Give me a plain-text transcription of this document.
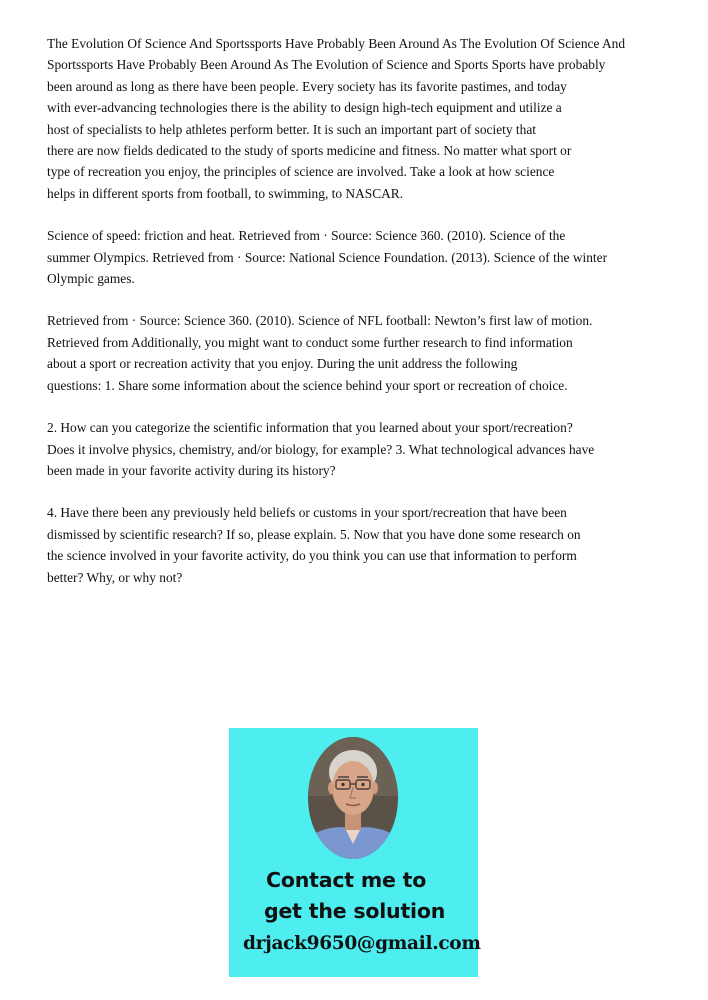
The Evolution Of Science And Sportssports Have Probably Been Around As The Evolution Of Science And
Sportssports Have Probably Been Around As The Evolution of Science and Sports Sports have probably
been around as long as there have been people. Every society has its favorite pastimes, and today
with ever-advancing technologies there is the ability to design high-tech equipment and utilize a
host of specialists to help athletes perform better. It is such an important part of society that
there are now fields dedicated to the study of sports medicine and fitness. No matter what sport or
type of recreation you enjoy, the principles of science are involved. Take a look at how science
helps in different sports from football, to swimming, to NASCAR.

Science of speed: friction and heat. Retrieved from · Source: Science 360. (2010). Science of the
summer Olympics. Retrieved from · Source: National Science Foundation. (2013). Science of the winter
Olympic games.

Retrieved from · Source: Science 360. (2010). Science of NFL football: Newton’s first law of motion.
Retrieved from Additionally, you might want to conduct some further research to find information
about a sport or recreation activity that you enjoy. During the unit address the following
questions: 1. Share some information about the science behind your sport or recreation of choice.

2. How can you categorize the scientific information that you learned about your sport/recreation?
Does it involve physics, chemistry, and/or biology, for example? 3. What technological advances have
been made in your favorite activity during its history?

4. Have there been any previously held beliefs or customs in your sport/recreation that have been
dismissed by scientific research? If so, please explain. 5. Now that you have done some research on
the science involved in your favorite activity, do you think you can use that information to perform
better? Why, or why not?

Contact me to
get the solution
drjack9650@gmail.com
